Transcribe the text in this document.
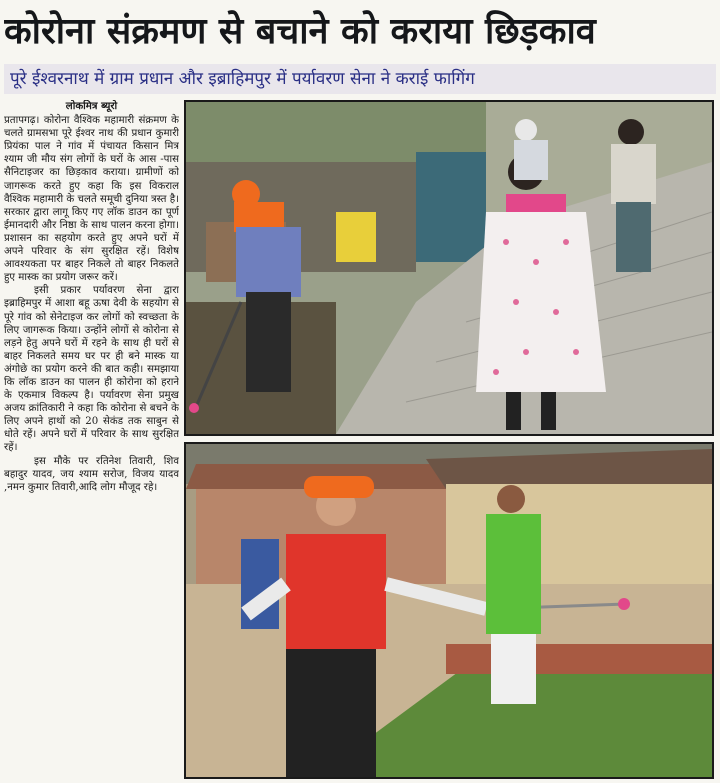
कोरोना संक्रमण से बचाने को कराया छिड़काव
पूरे ईश्वरनाथ में ग्राम प्रधान और इब्राहिमपुर में पर्यावरण सेना ने कराई फागिंग

लोकमित्र ब्यूरो

प्रतापगढ़। कोरोना वैश्विक महामारी संक्रमण के चलते ग्रामसभा पूरे ईश्वर नाथ की प्रधान कुमारी प्रियंका पाल ने गांव में पंचायत किसान मित्र श्याम जी मौय संग लोगों के घरों के आस -पास सैनिटाइजर का छिड़काव कराया। ग्रामीणों को जागरूक करते हुए कहा कि इस विकराल वैश्विक महामारी के चलते समूची दुनिया त्रस्त है। सरकार द्वारा लागू किए गए लॉक डाउन का पूर्ण ईमानदारी और निष्ठा के साथ पालन करना होगा। प्रशासन का सहयोग करते हुए अपने घरों में अपने परिवार के संग सुरक्षित रहें। विशेष आवश्यकता पर बाहर निकले तो बाहर निकलते हुए मास्क का प्रयोग जरूर करें।

इसी प्रकार पर्यावरण सेना द्वारा इब्राहिमपुर में आशा बहू ऊषा देवी के सहयोग से पूरे गांव को सेनेटाइज कर लोगों को स्वच्छता के लिए जागरूक किया। उन्होंने लोगों से कोरोना से लड़ने हेतु अपने घरों में रहने के साथ ही घरों से बाहर निकलते समय घर पर ही बने मास्क या अंगोछे का प्रयोग करने की बात कही। समझाया कि लॉक डाउन का पालन ही कोरोना को हराने के एकमात्र विकल्प है। पर्यावरण सेना प्रमुख अजय क्रांतिकारी ने कहा कि कोरोना से बचने के लिए अपने हाथों को 20 सेकंड तक साबुन से धोते रहें। अपने घरों में परिवार के साथ सुरक्षित रहें।

इस मौके पर रतिनेश तिवारी, शिव बहादुर यादव, जय श्याम सरोज, विजय यादव ,नमन कुमार तिवारी,आदि लोग मौजूद रहे।
